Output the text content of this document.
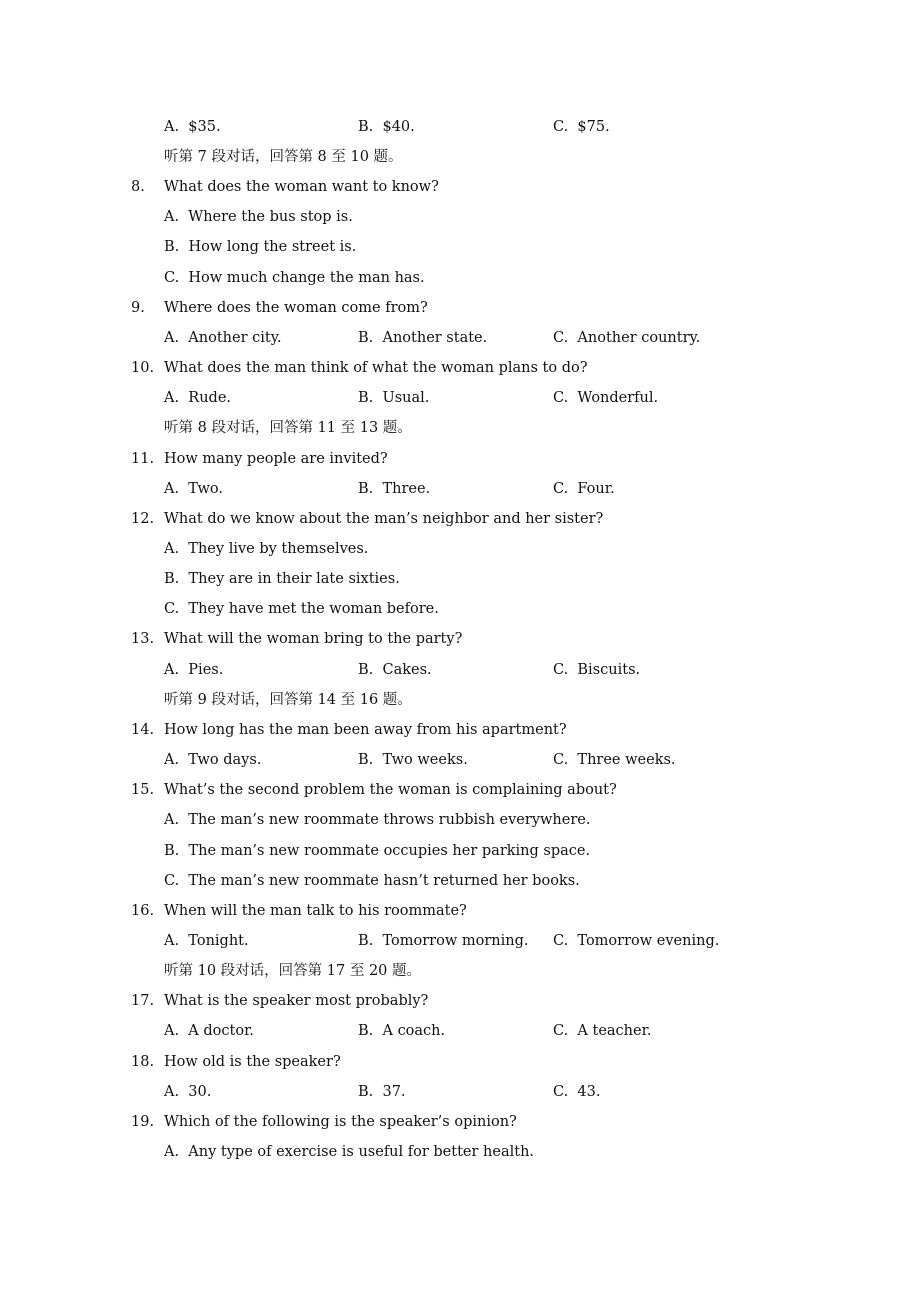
A.  $35.	B.  $40.	C.  $75.
听第 7 段对话，回答第 8 至 10 题。
8. What does the woman want to know?
A.  Where the bus stop is.
B.  How long the street is.
C.  How much change the man has.
9. Where does the woman come from?
A.  Another city.	B.  Another state.	C.  Another country.
10. What does the man think of what the woman plans to do?
A.  Rude.	B.  Usual.	C.  Wonderful.
听第 8 段对话，回答第 11 至 13 题。
11. How many people are invited?
A.  Two.	B.  Three.	C.  Four.
12. What do we know about the man’s neighbor and her sister?
A.  They live by themselves.
B.  They are in their late sixties.
C.  They have met the woman before.
13. What will the woman bring to the party?
A.  Pies.	B.  Cakes.	C.  Biscuits.
听第 9 段对话，回答第 14 至 16 题。
14. How long has the man been away from his apartment?
A.  Two days.	B.  Two weeks.	C.  Three weeks.
15. What’s the second problem the woman is complaining about?
A.  The man’s new roommate throws rubbish everywhere.
B.  The man’s new roommate occupies her parking space.
C.  The man’s new roommate hasn’t returned her books.
16. When will the man talk to his roommate?
A.  Tonight.	B.  Tomorrow morning. C.  Tomorrow evening.
听第 10 段对话，回答第 17 至 20 题。
17. What is the speaker most probably?
A.  A doctor.	B.  A coach.	C.  A teacher.
18. How old is the speaker?
A.  30.	B.  37.	C.  43.
19. Which of the following is the speaker’s opinion?
A.  Any type of exercise is useful for better health.
